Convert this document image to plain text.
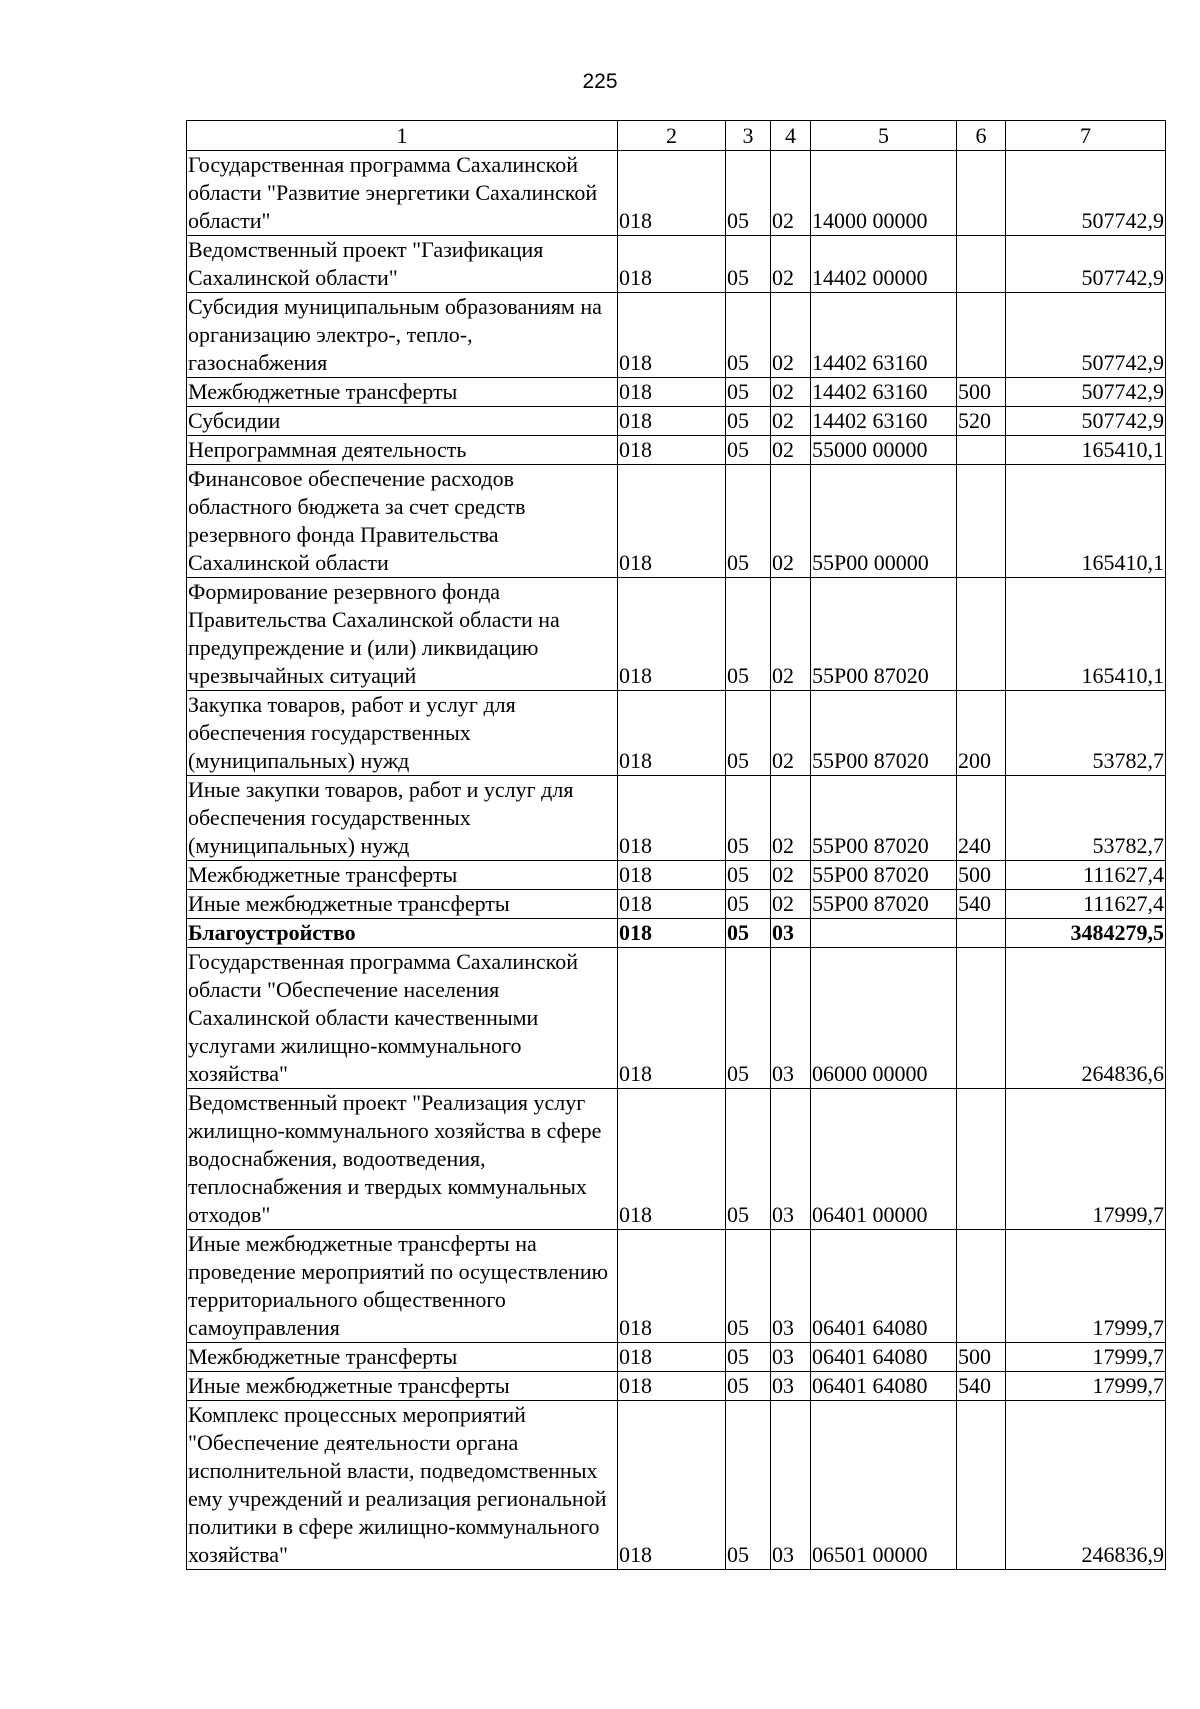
225
1	2	3	4	5	6	7
Государственная программа Сахалинской области "Развитие энергетики Сахалинской области"	018	05	02	14000 00000		507742,9
Ведомственный проект "Газификация Сахалинской области"	018	05	02	14402 00000		507742,9
Субсидия муниципальным образованиям на организацию электро-, тепло-, газоснабжения	018	05	02	14402 63160		507742,9
Межбюджетные трансферты	018	05	02	14402 63160	500	507742,9
Субсидии	018	05	02	14402 63160	520	507742,9
Непрограммная деятельность	018	05	02	55000 00000		165410,1
Финансовое обеспечение расходов областного бюджета за счет средств резервного фонда Правительства Сахалинской области	018	05	02	55Р00 00000		165410,1
Формирование резервного фонда Правительства Сахалинской области на предупреждение и (или) ликвидацию чрезвычайных ситуаций	018	05	02	55Р00 87020		165410,1
Закупка товаров, работ и услуг для обеспечения государственных (муниципальных) нужд	018	05	02	55Р00 87020	200	53782,7
Иные закупки товаров, работ и услуг для обеспечения государственных (муниципальных) нужд	018	05	02	55Р00 87020	240	53782,7
Межбюджетные трансферты	018	05	02	55Р00 87020	500	111627,4
Иные межбюджетные трансферты	018	05	02	55Р00 87020	540	111627,4
Благоустройство	018	05	03			3484279,5
Государственная программа Сахалинской области "Обеспечение населения Сахалинской области качественными услугами жилищно-коммунального хозяйства"	018	05	03	06000 00000		264836,6
Ведомственный проект "Реализация услуг жилищно-коммунального хозяйства в сфере водоснабжения, водоотведения, теплоснабжения и твердых коммунальных отходов"	018	05	03	06401 00000		17999,7
Иные межбюджетные трансферты на проведение мероприятий по осуществлению территориального общественного самоуправления	018	05	03	06401 64080		17999,7
Межбюджетные трансферты	018	05	03	06401 64080	500	17999,7
Иные межбюджетные трансферты	018	05	03	06401 64080	540	17999,7
Комплекс процессных мероприятий "Обеспечение деятельности органа исполнительной власти, подведомственных ему учреждений и реализация региональной политики в сфере жилищно-коммунального хозяйства"	018	05	03	06501 00000		246836,9
